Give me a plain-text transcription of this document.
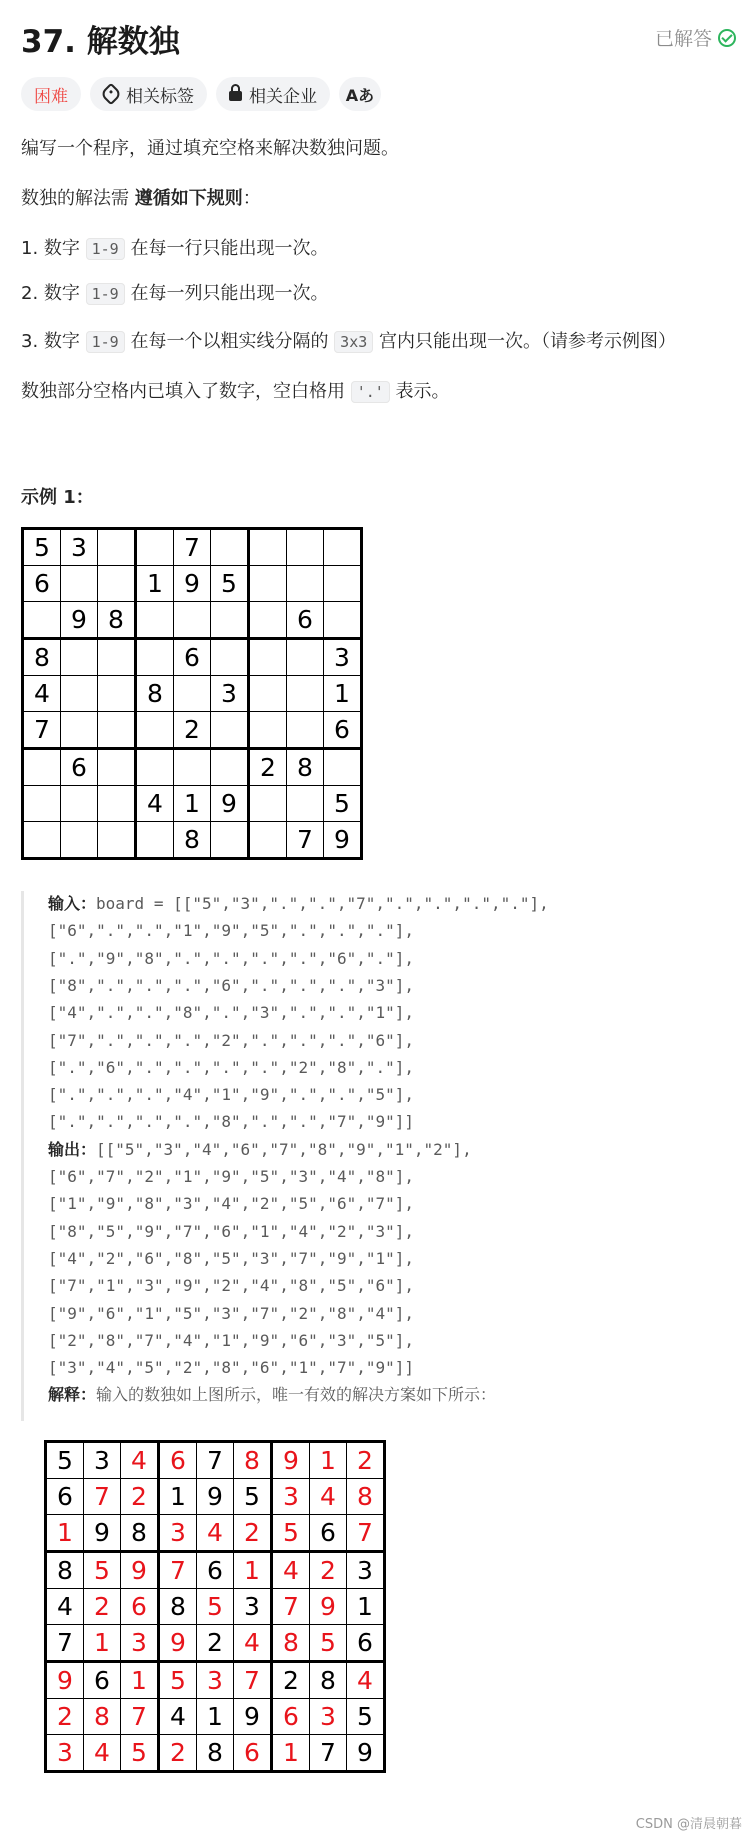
37. 解数独	已解答
困难	相关标签	相关企业 Aあ
编写一个程序，通过填充空格来解决数独问题。
数独的解法需 遵循如下规则：
1. 数字 1-9 在每一行只能出现一次。
2. 数字 1-9 在每一列只能出现一次。
3. 数字 1-9 在每一个以粗实线分隔的 3x3 宫内只能出现一次。（请参考示例图）
数独部分空格内已填入了数字，空白格用 '.' 表示。
示例 1：
5	3			7				
6			1	9	5			
	9	8					6	
8				6				3
4			8		3			1
7				2				6
	6					2	8	
			4	1	9			5
				8			7	9
输入：board = [["5","3",".",".","7",".",".",".","."],
["6",".",".","1","9","5",".",".","."],
[".","9","8",".",".",".",".","6","."],
["8",".",".",".","6",".",".",".","3"],
["4",".",".","8",".","3",".",".","1"],
["7",".",".",".","2",".",".",".","6"],
[".","6",".",".",".",".","2","8","."],
[".",".",".","4","1","9",".",".","5"],
[".",".",".",".","8",".",".","7","9"]]
输出：[["5","3","4","6","7","8","9","1","2"],
["6","7","2","1","9","5","3","4","8"],
["1","9","8","3","4","2","5","6","7"],
["8","5","9","7","6","1","4","2","3"],
["4","2","6","8","5","3","7","9","1"],
["7","1","3","9","2","4","8","5","6"],
["9","6","1","5","3","7","2","8","4"],
["2","8","7","4","1","9","6","3","5"],
["3","4","5","2","8","6","1","7","9"]]
解释：输入的数独如上图所示，唯一有效的解决方案如下所示：
5	3	4	6	7	8	9	1	2
6	7	2	1	9	5	3	4	8
1	9	8	3	4	2	5	6	7
8	5	9	7	6	1	4	2	3
4	2	6	8	5	3	7	9	1
7	1	3	9	2	4	8	5	6
9	6	1	5	3	7	2	8	4
2	8	7	4	1	9	6	3	5
3	4	5	2	8	6	1	7	9
CSDN @清晨朝暮
